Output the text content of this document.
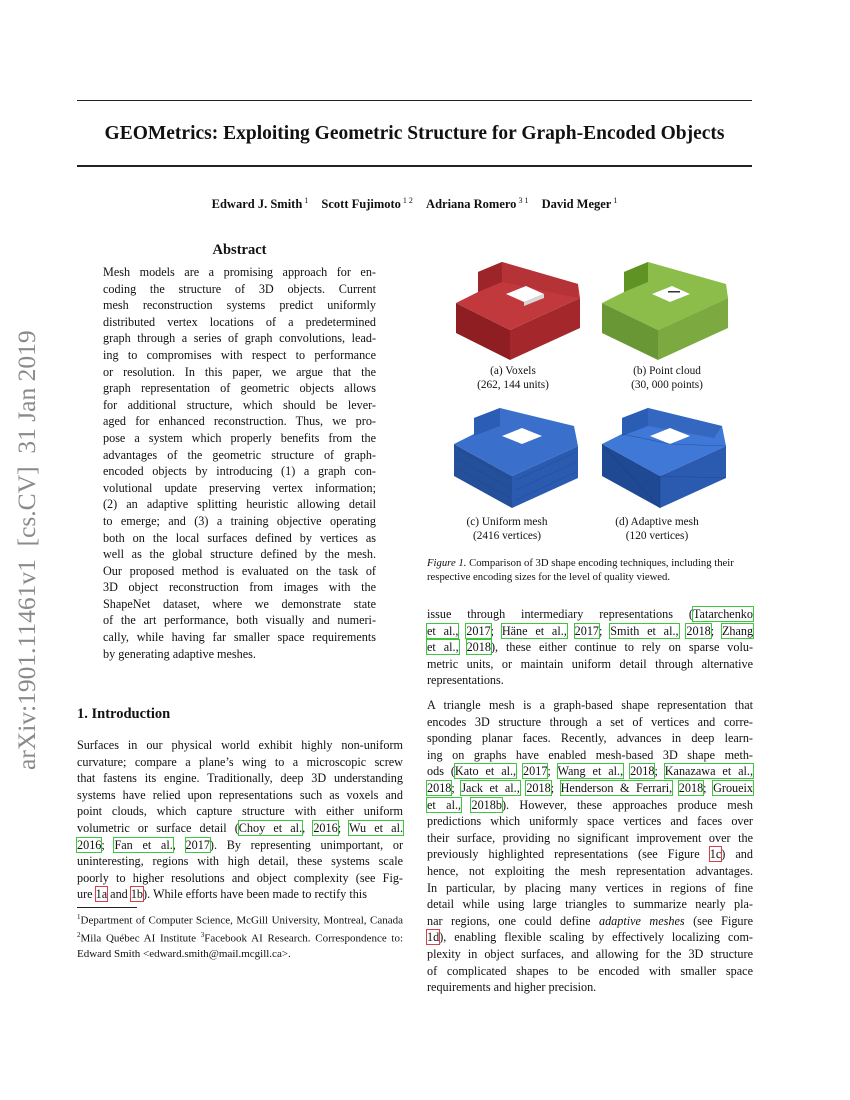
GEOMetrics: Exploiting Geometric Structure for Graph-Encoded Objects
Edward J. Smith $^1$ Scott Fujimoto $^{1 2}$ Adriana Romero $^{3 1}$ David Meger $^1$
arXiv:1901.11461v1  [cs.CV]  31 Jan 2019
Abstract
Mesh models are a promising approach for en-
coding the structure of 3D objects. Current
mesh reconstruction systems predict uniformly
distributed vertex locations of a predetermined
graph through a series of graph convolutions, lead-
ing to compromises with respect to performance
or resolution. In this paper, we argue that the
graph representation of geometric objects allows
for additional structure, which should be lever-
aged for enhanced reconstruction. Thus, we pro-
pose a system which properly benefits from the
advantages of the geometric structure of graph-
encoded objects by introducing (1) a graph con-
volutional update preserving vertex information;
(2) an adaptive splitting heuristic allowing detail
to emerge; and (3) a training objective operating
both on the local surfaces defined by vertices as
well as the global structure defined by the mesh.
Our proposed method is evaluated on the task of
3D object reconstruction from images with the
ShapeNet dataset, where we demonstrate state
of the art performance, both visually and numeri-
cally, while having far smaller space requirements
by generating adaptive meshes.
1. Introduction
Surfaces in our physical world exhibit highly non-uniform
curvature; compare a plane’s wing to a microscopic screw
that fastens its engine. Traditionally, deep 3D understanding
systems have relied upon representations such as voxels and
point clouds, which capture structure with either uniform
volumetric or surface detail (Choy et al., 2016; Wu et al.
2016; Fan et al., 2017). By representing unimportant, or
uninteresting, regions with high detail, these systems scale
poorly to higher resolutions and object complexity (see Fig-
ure 1a and 1b). While efforts have been made to rectify this
$^1$Department of Computer Science, McGill University, Montreal, Canada $^2$Mila Québec AI Institute $^3$Facebook AI Research. Correspondence to: Edward Smith <edward.smith@mail.mcgill.ca>.
(a) Voxels
(262, 144 units)
(b) Point cloud
(30, 000 points)
(c) Uniform mesh
(2416 vertices)
(d) Adaptive mesh
(120 vertices)
Figure 1. Comparison of 3D shape encoding techniques, including their respective encoding sizes for the level of quality viewed.
issue through intermediary representations (Tatarchenko
et al., 2017; Häne et al., 2017; Smith et al., 2018; Zhang
et al., 2018), these either continue to rely on sparse volu-
metric units, or maintain uniform detail through alternative
representations.
A triangle mesh is a graph-based shape representation that
encodes 3D structure through a set of vertices and corre-
sponding planar faces. Recently, advances in deep learn-
ing on graphs have enabled mesh-based 3D shape meth-
ods (Kato et al., 2017; Wang et al., 2018; Kanazawa et al.,
2018; Jack et al., 2018; Henderson & Ferrari, 2018; Groueix
et al., 2018b). However, these approaches produce mesh
predictions which uniformly space vertices and faces over
their surface, providing no significant improvement over the
previously highlighted representations (see Figure 1c) and
hence, not exploiting the mesh representation advantages.
In particular, by placing many vertices in regions of fine
detail while using large triangles to summarize nearly pla-
nar regions, one could define adaptive meshes (see Figure
1d), enabling flexible scaling by effectively localizing com-
plexity in object surfaces, and allowing for the 3D structure
of complicated shapes to be encoded with smaller space
requirements and higher precision.
